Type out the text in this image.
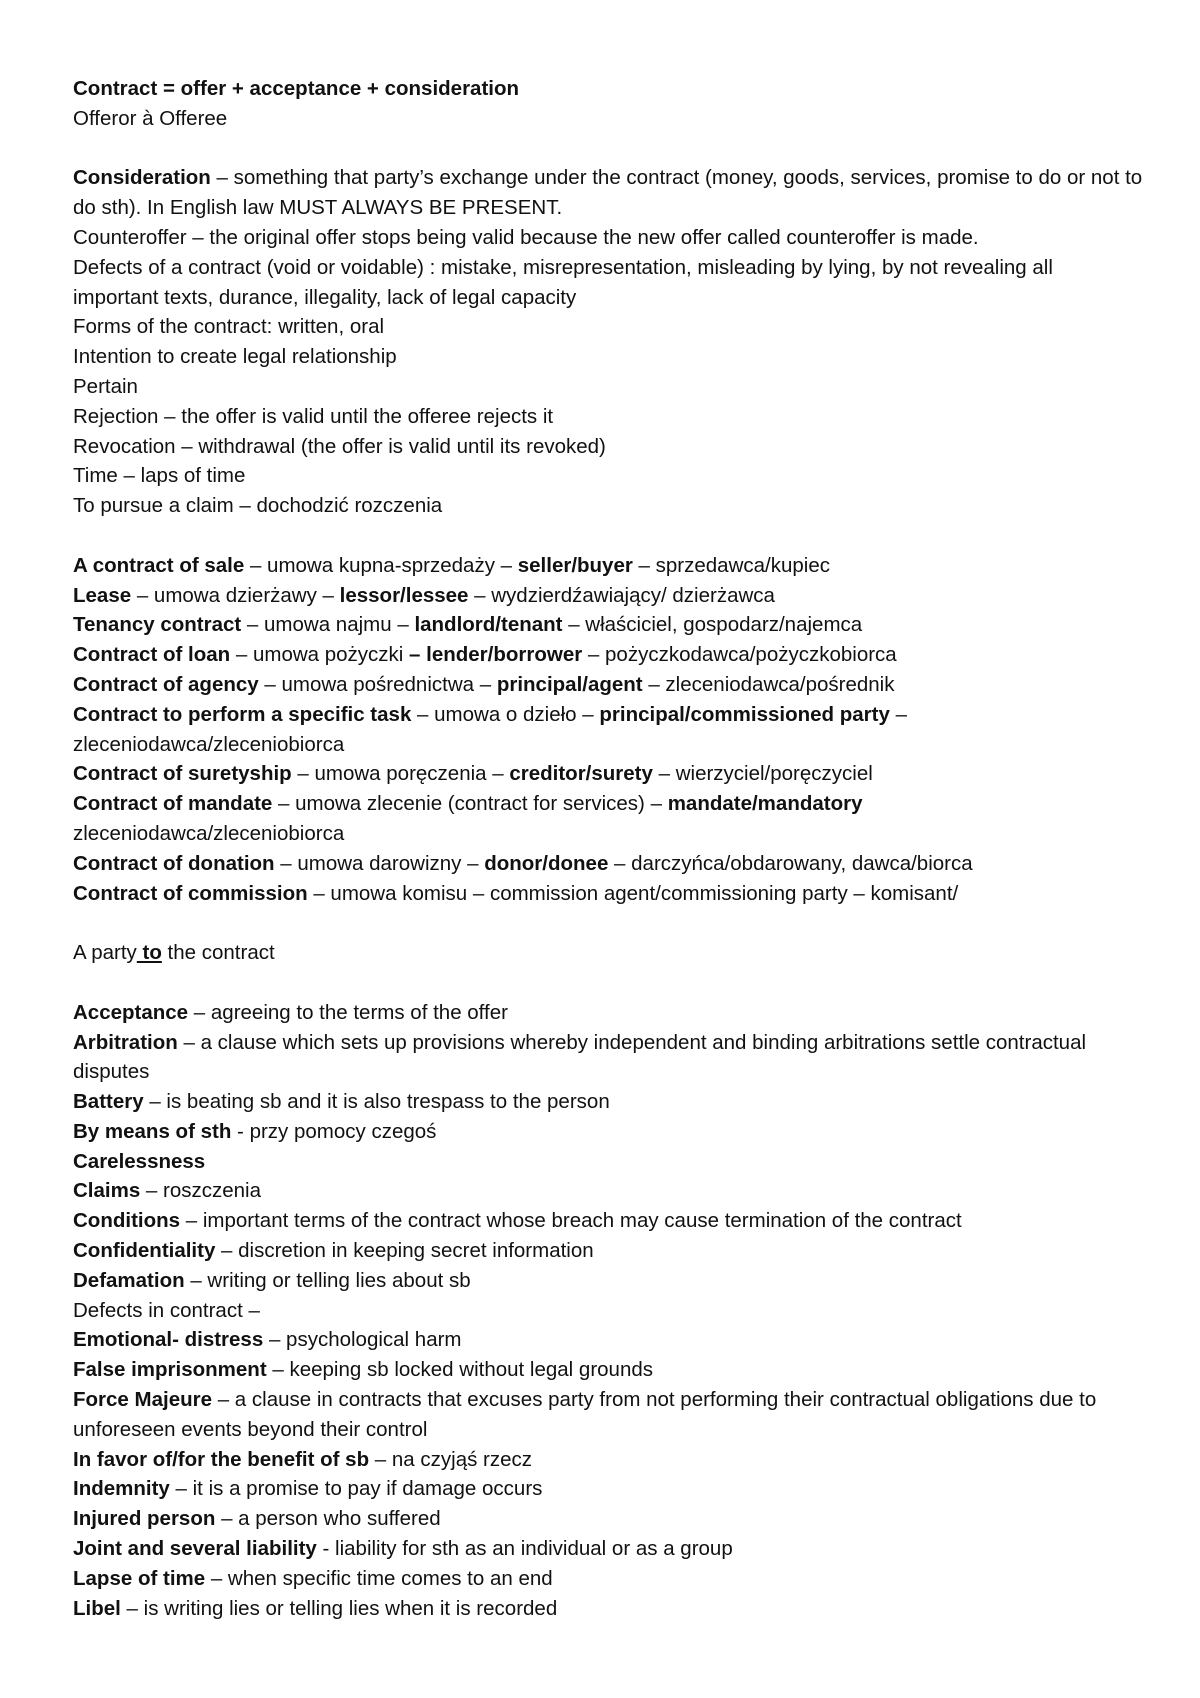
Contract = offer + acceptance + consideration
Offeror à Offeree
Consideration – something that party’s exchange under the contract (money, goods, services, promise to do or not to do sth). In English law MUST ALWAYS BE PRESENT.
Counteroffer – the original offer stops being valid because the new offer called counteroffer is made.
Defects of a contract (void or voidable) : mistake, misrepresentation, misleading by lying, by not revealing all important texts, durance, illegality, lack of legal capacity
Forms of the contract: written, oral
Intention to create legal relationship
Pertain
Rejection – the offer is valid until the offeree rejects it
Revocation – withdrawal (the offer is valid until its revoked)
Time – laps of time
To pursue a claim – dochodzić rozczenia
A contract of sale – umowa kupna-sprzedaży – seller/buyer – sprzedawca/kupiec
Lease – umowa dzierżawy – lessor/lessee – wydzierdźawiający/ dzierżawca
Tenancy contract – umowa najmu – landlord/tenant – właściciel, gospodarz/najemca
Contract of loan – umowa pożyczki – lender/borrower – pożyczkodawca/pożyczkobiorca
Contract of agency – umowa pośrednictwa – principal/agent – zleceniodawca/pośrednik
Contract to perform a specific task – umowa o dzieło – principal/commissioned party – zleceniodawca/zleceniobiorca
Contract of suretyship – umowa poręczenia – creditor/surety – wierzyciel/poręczyciel
Contract of mandate – umowa zlecenie (contract for services) – mandate/mandatory
zleceniodawca/zleceniobiorca
Contract of donation – umowa darowizny – donor/donee – darczyńca/obdarowany, dawca/biorca
Contract of commission – umowa komisu – commission agent/commissioning party – komisant/
A party to the contract
Acceptance – agreeing to the terms of the offer
Arbitration – a clause which sets up provisions whereby independent and binding arbitrations settle contractual disputes
Battery – is beating sb and it is also trespass to the person
By means of sth - przy pomocy czegoś
Carelessness
Claims – roszczenia
Conditions – important terms of the contract whose breach may cause termination of the contract
Confidentiality – discretion in keeping secret information
Defamation – writing or telling lies about sb
Defects in contract –
Emotional- distress – psychological harm
False imprisonment – keeping sb locked without legal grounds
Force Majeure – a clause in contracts that excuses party from not performing their contractual obligations due to unforeseen events beyond their control
In favor of/for the benefit of sb – na czyjąś rzecz
Indemnity – it is a promise to pay if damage occurs
Injured person – a person who suffered
Joint and several liability - liability for sth as an individual or as a group
Lapse of time – when specific time comes to an end
Libel – is writing lies or telling lies when it is recorded
